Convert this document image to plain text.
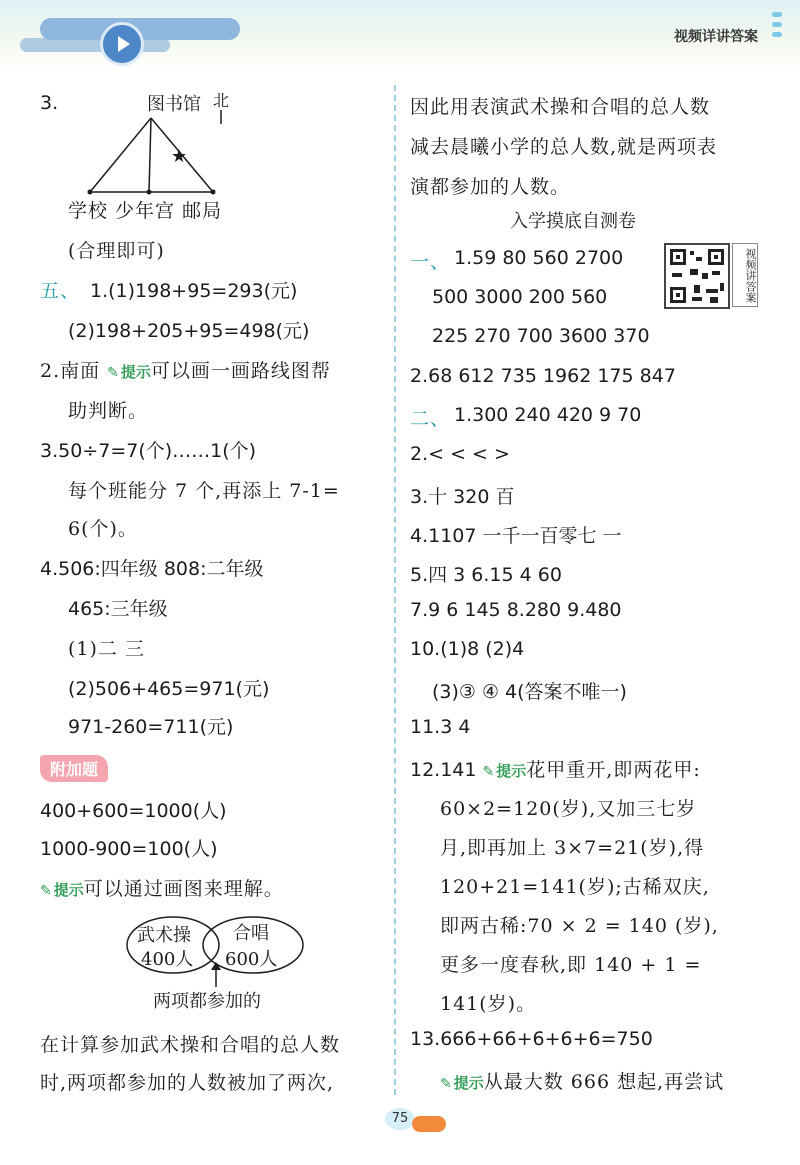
视频详讲答案
3.	图书馆 北
★
学校 少年宫 邮局
(合理即可)
五、 1.(1)198+95=293(元)
(2)198+205+95=498(元)
2.南面 ✎ 提示可以画一画路线图帮
助判断。
3.50÷7=7(个)……1(个)
每个班能分 7 个,再添上 7-1=
6(个)。
4.506:四年级 808:二年级
465:三年级
(1)二 三
(2)506+465=971(元)
971-260=711(元)
附加题
400+600=1000(人)
1000-900=100(人)
✎ 提示可以通过画图来理解。
武术操
400人
合唱
600人
两项都参加的
在计算参加武术操和合唱的总人数
时,两项都参加的人数被加了两次,
因此用表演武术操和合唱的总人数
减去晨曦小学的总人数,就是两项表
演都参加的人数。
入学摸底自测卷
一、 1.59 80 560 2700	视频讲答案
500 3000 200 560
225 270 700 3600 370
2.68 612 735 1962 175 847
二、 1.300 240 420 9 70
2.< < < >
3.十 320 百
4.1107 一千一百零七 一
5.四 3 6.15 4 60
7.9 6 145 8.280 9.480
10.(1)8 (2)4
(3)③ ④ 4(答案不唯一)
11.3 4
12.141 ✎ 提示花甲重开,即两花甲:
60×2=120(岁),又加三七岁
月,即再加上 3×7=21(岁),得
120+21=141(岁);古稀双庆,
即两古稀:70 × 2 = 140 (岁),
更多一度春秋,即 140 + 1 =
141(岁)。
13.666+66+6+6+6=750
✎ 提示从最大数 666 想起,再尝试
75
